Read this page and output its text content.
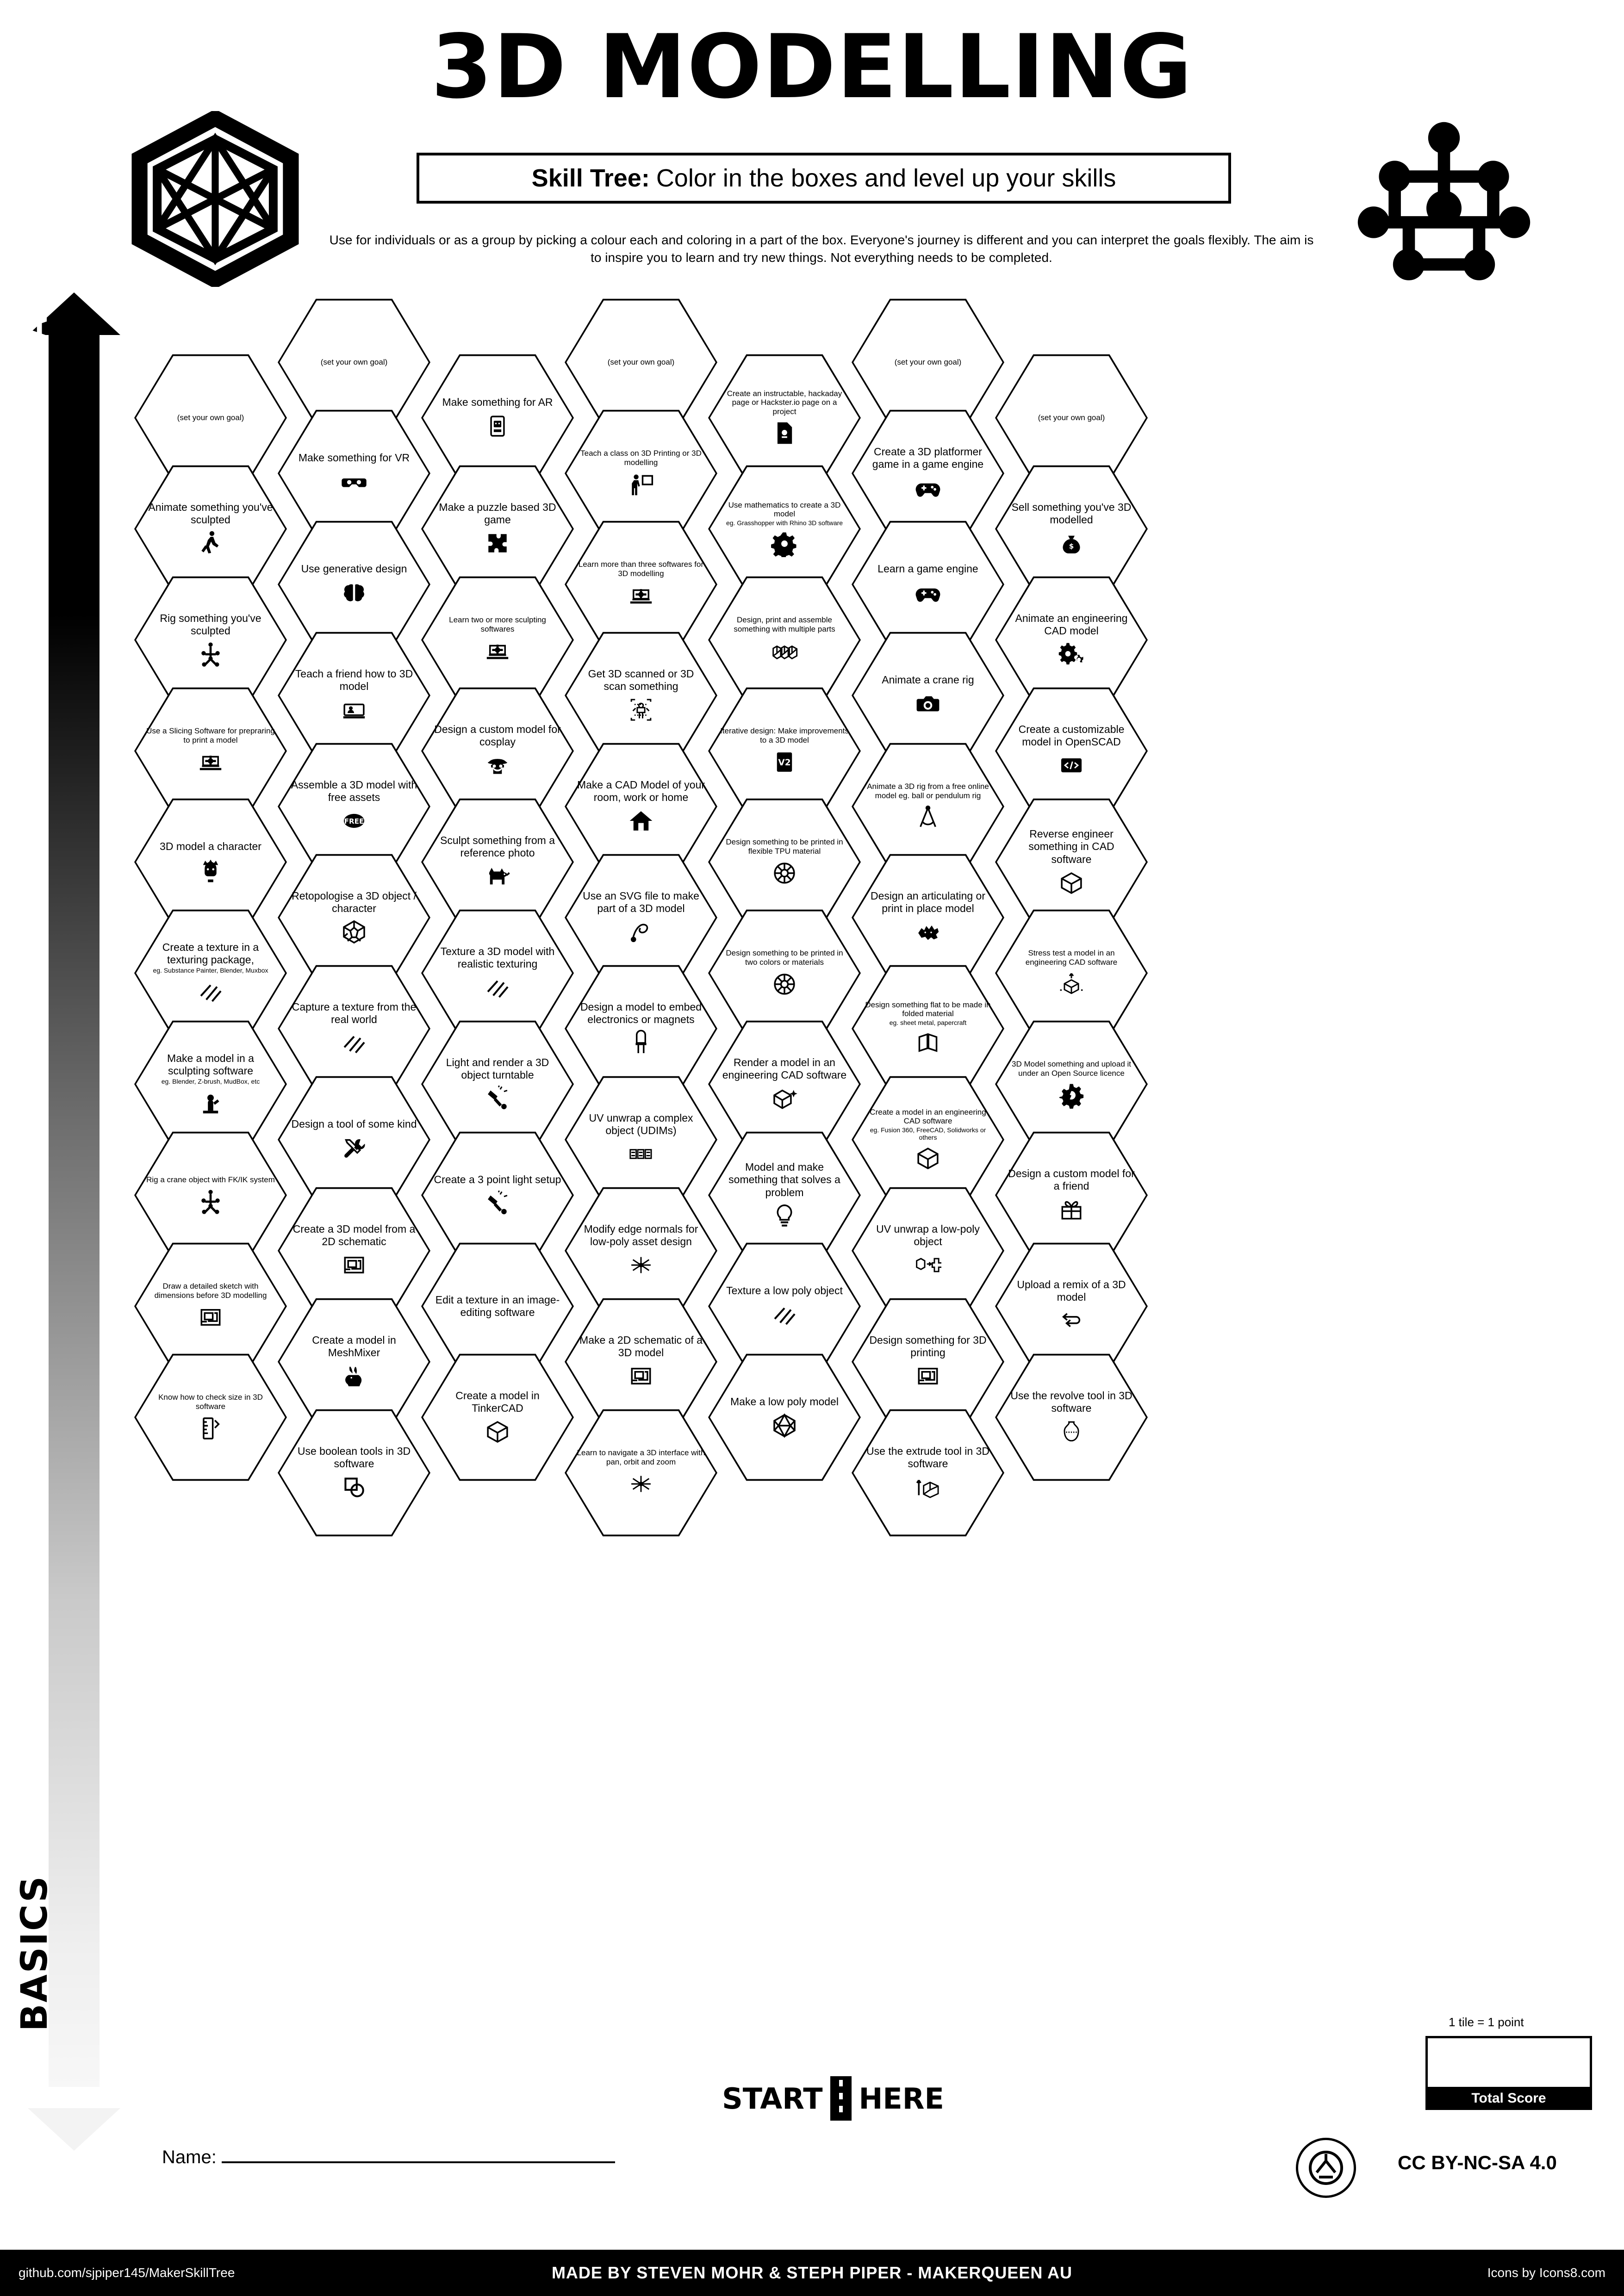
3D MODELLING
Skill Tree: Color in the boxes and level up your skills
Use for individuals or as a group by picking a colour each and coloring in a part of the box. Everyone's journey is different and you can interpret the goals flexibly. The aim is to inspire you to learn and try new things. Not everything needs to be completed.
ADVANCED
BASICS
(set your own goal)
Animate something you've sculpted
Rig something you've sculpted
Use a Slicing Software for prepraring to print a model
3D model a character
Create a texture in a texturing package,
eg. Substance Painter, Blender, Muxbox
Make a model in a sculpting software
eg. Blender, Z-brush, MudBox, etc
Rig a crane object with FK/IK system
Draw a detailed sketch with dimensions before 3D modelling
Know how to check size in 3D software
(set your own goal)
Make something for VR
Use generative design
Teach a friend how to 3D model
Assemble a 3D model with free assets
FREE
Retopologise a 3D object / character
Capture a texture from the real world
Design a tool of some kind
Create a 3D model from a 2D schematic
Create a model in MeshMixer
Use boolean tools in 3D software
Make something for AR
Make a puzzle based 3D game
Learn two or more sculpting softwares
Design a custom model for cosplay
Sculpt something from a reference photo
Texture a 3D model with realistic texturing
Light and render a 3D object turntable
Create a 3 point light setup
Edit a texture in an image-editing software
Create a model in TinkerCAD
(set your own goal)
Teach a class on 3D Printing or 3D modelling
Learn more than three softwares for 3D modelling
Get 3D scanned or 3D scan something
Make a CAD Model of your room, work or home
Use an SVG file to make part of a 3D model
Design a model to embed electronics or magnets
UV unwrap a complex object (UDIMs)
Modify edge normals for low-poly asset design
Make a 2D schematic of a 3D model
Learn to navigate a 3D interface with pan, orbit and zoom
Create an instructable, hackaday page or Hackster.io page on a project
Use mathematics to create a 3D model
eg. Grasshopper with Rhino 3D software
Design, print and assemble something with multiple parts
Iterative design: Make improvements to a 3D model
V2
Design something to be printed in flexible TPU material
Design something to be printed in two colors or materials
Render a model in an engineering CAD software
Model and make something that solves a problem
Texture a low poly object
Make a low poly model
(set your own goal)
Create a 3D platformer game in a game engine
Learn a game engine
Animate a crane rig
Animate a 3D rig from a free online model eg. ball or pendulum rig
Design an articulating or print in place model
Design something flat to be made in folded material
eg. sheet metal, papercraft
Create a model in an engineering CAD software
eg. Fusion 360, FreeCAD, Solidworks or others
UV unwrap a low-poly object
Design something for 3D printing
Use the extrude tool in 3D software
(set your own goal)
Sell something you've 3D modelled
$
Animate an engineering CAD model
Create a customizable model in OpenSCAD
Reverse engineer something in CAD software
Stress test a model in an engineering CAD software
3D Model something and upload it under an Open Source licence
Design a custom model for a friend
Upload a remix of a 3D model
Use the revolve tool in 3D software
START HERE
Name:
1 tile = 1 point
Total Score
CC BY-NC-SA 4.0
github.com/sjpiper145/MakerSkillTree	MADE BY STEVEN MOHR & STEPH PIPER - MAKERQUEEN AU	Icons by Icons8.com
